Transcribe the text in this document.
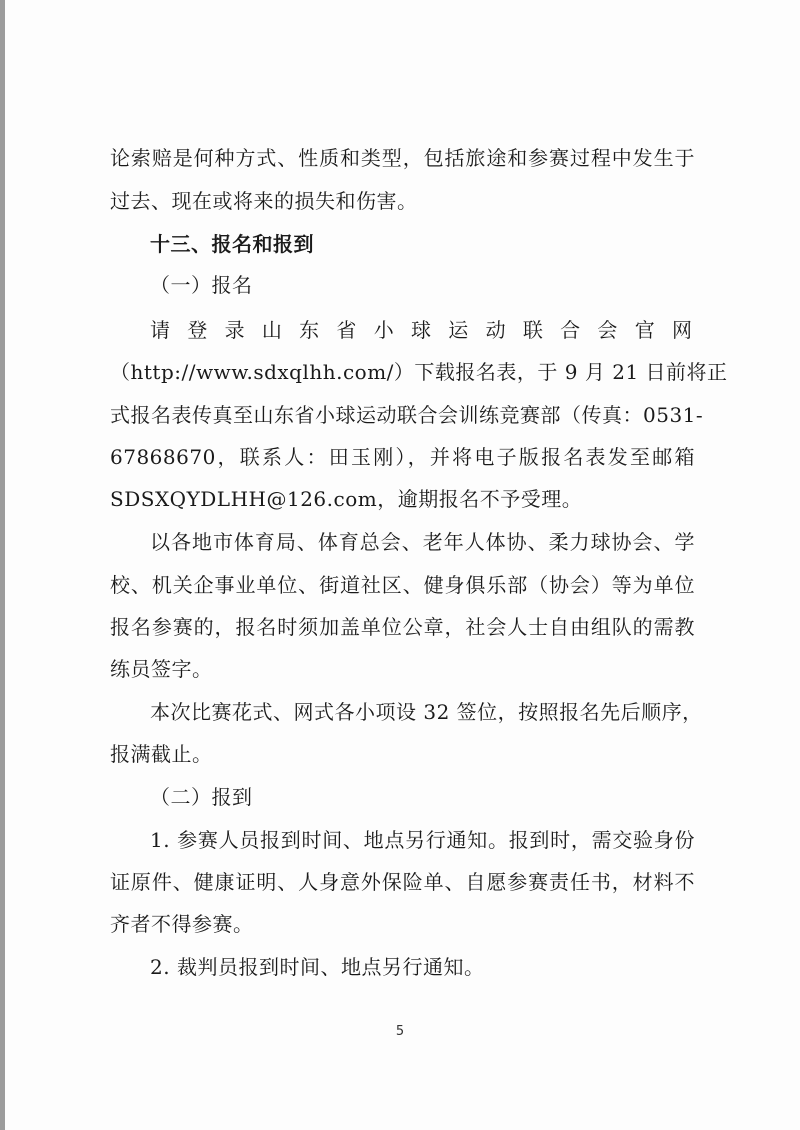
论索赔是何种方式、性质和类型，包括旅途和参赛过程中发生于
过去、现在或将来的损失和伤害。
十三、报名和报到
（一）报名
请登录山东省小球运动联合会官网
（http://www.sdxqlhh.com/）下载报名表，于 9 月 21 日前将正
式报名表传真至山东省小球运动联合会训练竞赛部（传真：0531-
67868670，联系人：田玉刚），并将电子版报名表发至邮箱
SDSXQYDLHH@126.com，逾期报名不予受理。
以各地市体育局、体育总会、老年人体协、柔力球协会、学
校、机关企事业单位、街道社区、健身俱乐部（协会）等为单位
报名参赛的，报名时须加盖单位公章，社会人士自由组队的需教
练员签字。
本次比赛花式、网式各小项设 32 签位，按照报名先后顺序，
报满截止。
（二）报到
1. 参赛人员报到时间、地点另行通知。报到时，需交验身份
证原件、健康证明、人身意外保险单、自愿参赛责任书，材料不
齐者不得参赛。
2. 裁判员报到时间、地点另行通知。
5
